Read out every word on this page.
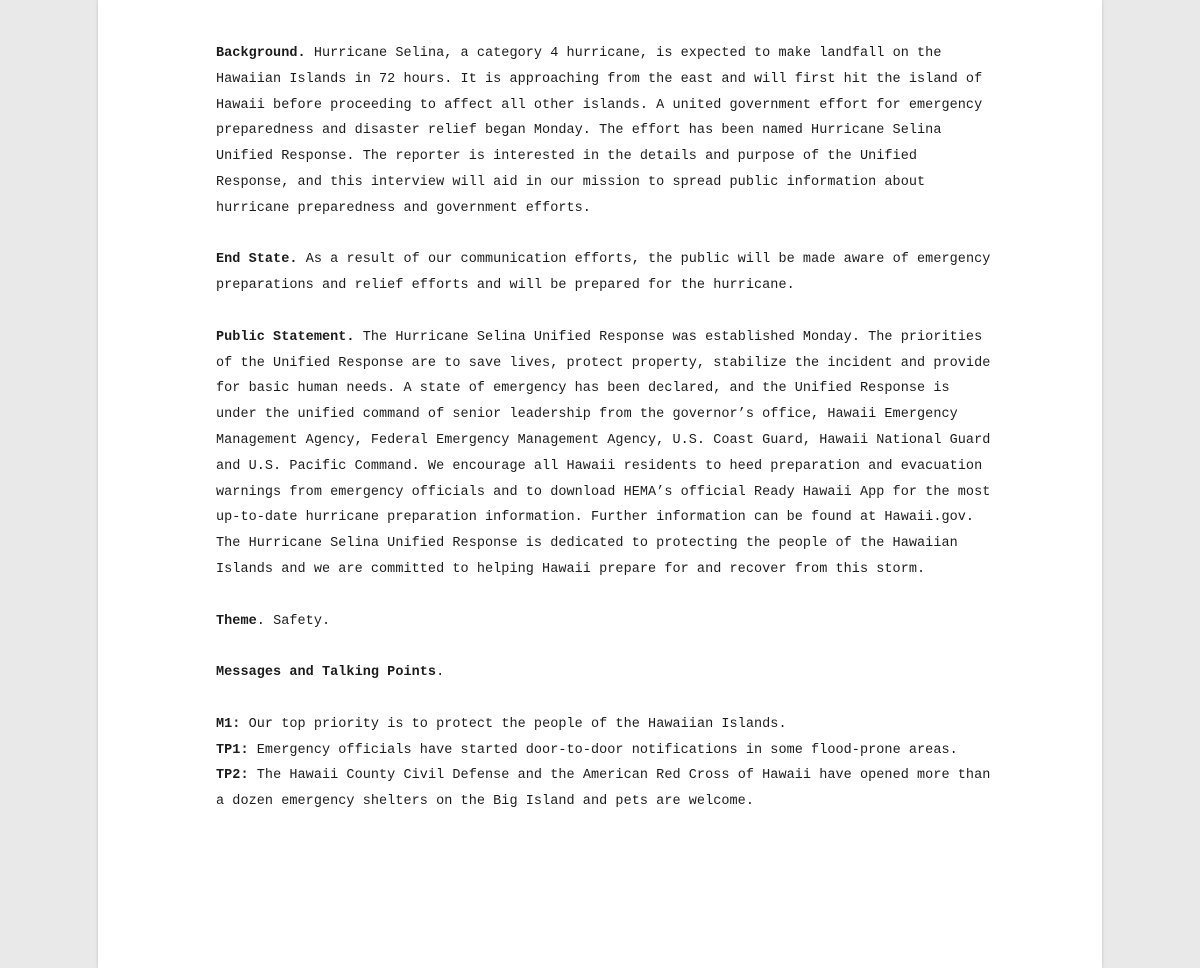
Background. Hurricane Selina, a category 4 hurricane, is expected to make landfall on the Hawaiian Islands in 72 hours. It is approaching from the east and will first hit the island of Hawaii before proceeding to affect all other islands. A united government effort for emergency preparedness and disaster relief began Monday. The effort has been named Hurricane Selina Unified Response. The reporter is interested in the details and purpose of the Unified Response, and this interview will aid in our mission to spread public information about hurricane preparedness and government efforts.

End State. As a result of our communication efforts, the public will be made aware of emergency preparations and relief efforts and will be prepared for the hurricane.

Public Statement. The Hurricane Selina Unified Response was established Monday. The priorities of the Unified Response are to save lives, protect property, stabilize the incident and provide for basic human needs. A state of emergency has been declared, and the Unified Response is under the unified command of senior leadership from the governor’s office, Hawaii Emergency Management Agency, Federal Emergency Management Agency, U.S. Coast Guard, Hawaii National Guard and U.S. Pacific Command. We encourage all Hawaii residents to heed preparation and evacuation warnings from emergency officials and to download HEMA’s official Ready Hawaii App for the most up-to-date hurricane preparation information. Further information can be found at Hawaii.gov. The Hurricane Selina Unified Response is dedicated to protecting the people of the Hawaiian Islands and we are committed to helping Hawaii prepare for and recover from this storm.

Theme. Safety.

Messages and Talking Points.

M1: Our top priority is to protect the people of the Hawaiian Islands.

TP1: Emergency officials have started door-to-door notifications in some flood-prone areas.

TP2: The Hawaii County Civil Defense and the American Red Cross of Hawaii have opened more than a dozen emergency shelters on the Big Island and pets are welcome.
